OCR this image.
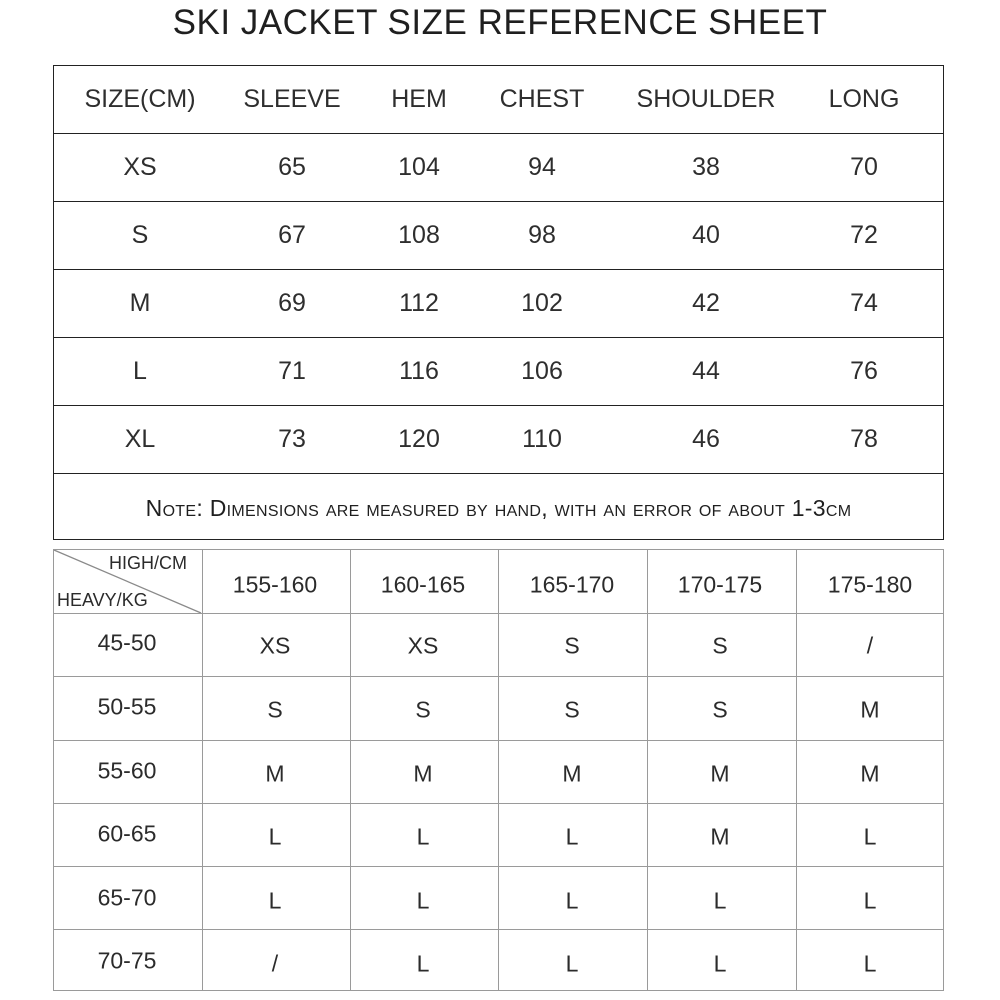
SKI JACKET SIZE REFERENCE SHEET
SIZE(CM) SLEEVE HEM CHEST SHOULDER LONG
XS	65	104	94	38	70
S	67	108	98	40	72
M	69	112	102	42	74
L	71	116	106	44	76
XL	73	120	110	46	78
Note: Dimensions are measured by hand, with an error of about 1-3cm
HIGH/CM
HEAVY/KG
155-160	160-165	165-170	170-175	175-180
45-50	XS	XS	S	S	/
50-55	S	S	S	S	M
55-60	M	M	M	M	M
60-65	L	L	L	M	L
65-70	L	L	L	L	L
70-75	/	L	L	L	L
